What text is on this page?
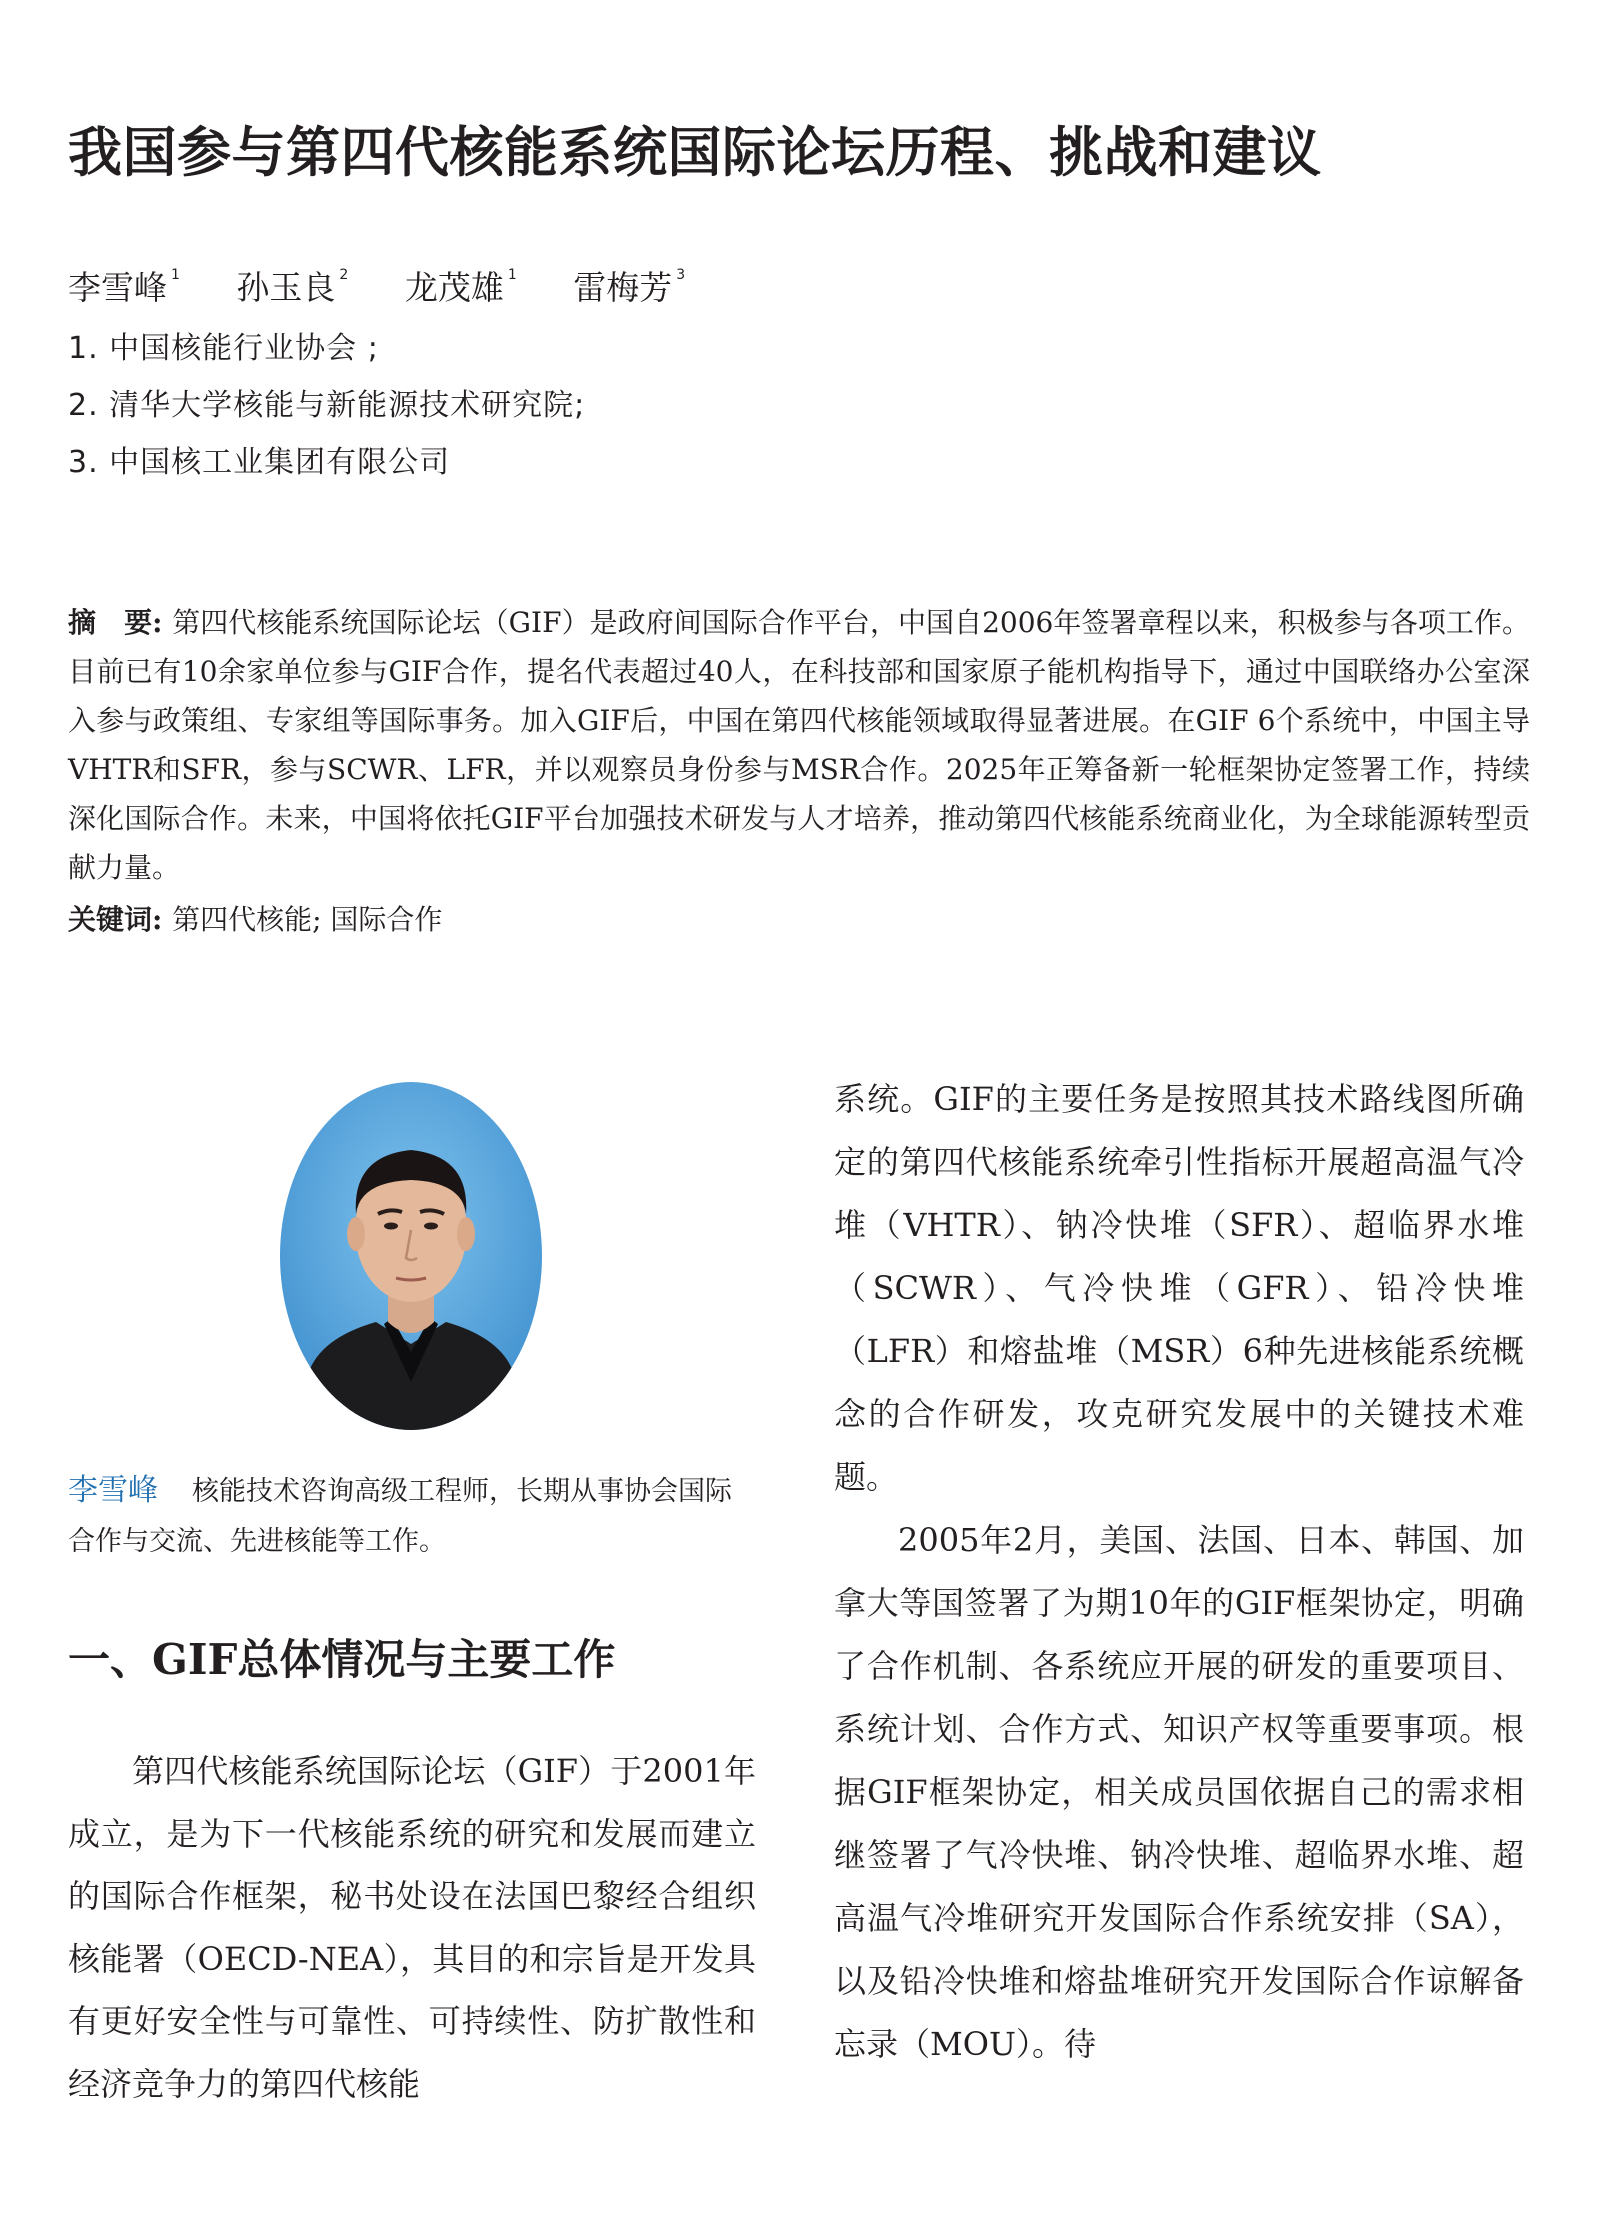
我国参与第四代核能系统国际论坛历程、挑战和建议
李雪峰 $^1$ 孙玉良 $^2$ 龙茂雄 $^1$ 雷梅芳 $^3$
1. 中国核能行业协会 ;
2. 清华大学核能与新能源技术研究院;
3. 中国核工业集团有限公司
摘　要: 第四代核能系统国际论坛（GIF）是政府间国际合作平台，中国自2006年签署章程以来，积极参与各项工作。目前已有10余家单位参与GIF合作，提名代表超过40人，在科技部和国家原子能机构指导下，通过中国联络办公室深入参与政策组、专家组等国际事务。加入GIF后，中国在第四代核能领域取得显著进展。在GIF 6个系统中，中国主导VHTR和SFR，参与SCWR、LFR，并以观察员身份参与MSR合作。2025年正筹备新一轮框架协定签署工作，持续深化国际合作。未来，中国将依托GIF平台加强技术研发与人才培养，推动第四代核能系统商业化，为全球能源转型贡献力量。
关键词: 第四代核能; 国际合作
李雪峰 核能技术咨询高级工程师，长期从事协会国际合作与交流、先进核能等工作。
一、GIF总体情况与主要工作

第四代核能系统国际论坛（GIF）于2001年成立，是为下一代核能系统的研究和发展而建立的国际合作框架，秘书处设在法国巴黎经合组织核能署（OECD-NEA），其目的和宗旨是开发具有更好安全性与可靠性、可持续性、防扩散性和经济竞争力的第四代核能

系统。GIF的主要任务是按照其技术路线图所确定的第四代核能系统牵引性指标开展超高温气冷堆（VHTR）、钠冷快堆（SFR）、超临界水堆（SCWR）、气冷快堆（GFR）、铅冷快堆（LFR）和熔盐堆（MSR）6种先进核能系统概念的合作研发，攻克研究发展中的关键技术难题。

2005年2月，美国、法国、日本、韩国、加拿大等国签署了为期10年的GIF框架协定，明确了合作机制、各系统应开展的研发的重要项目、系统计划、合作方式、知识产权等重要事项。根据GIF框架协定，相关成员国依据自己的需求相继签署了气冷快堆、钠冷快堆、超临界水堆、超高温气冷堆研究开发国际合作系统安排（SA），以及铅冷快堆和熔盐堆研究开发国际合作谅解备忘录（MOU）。待
